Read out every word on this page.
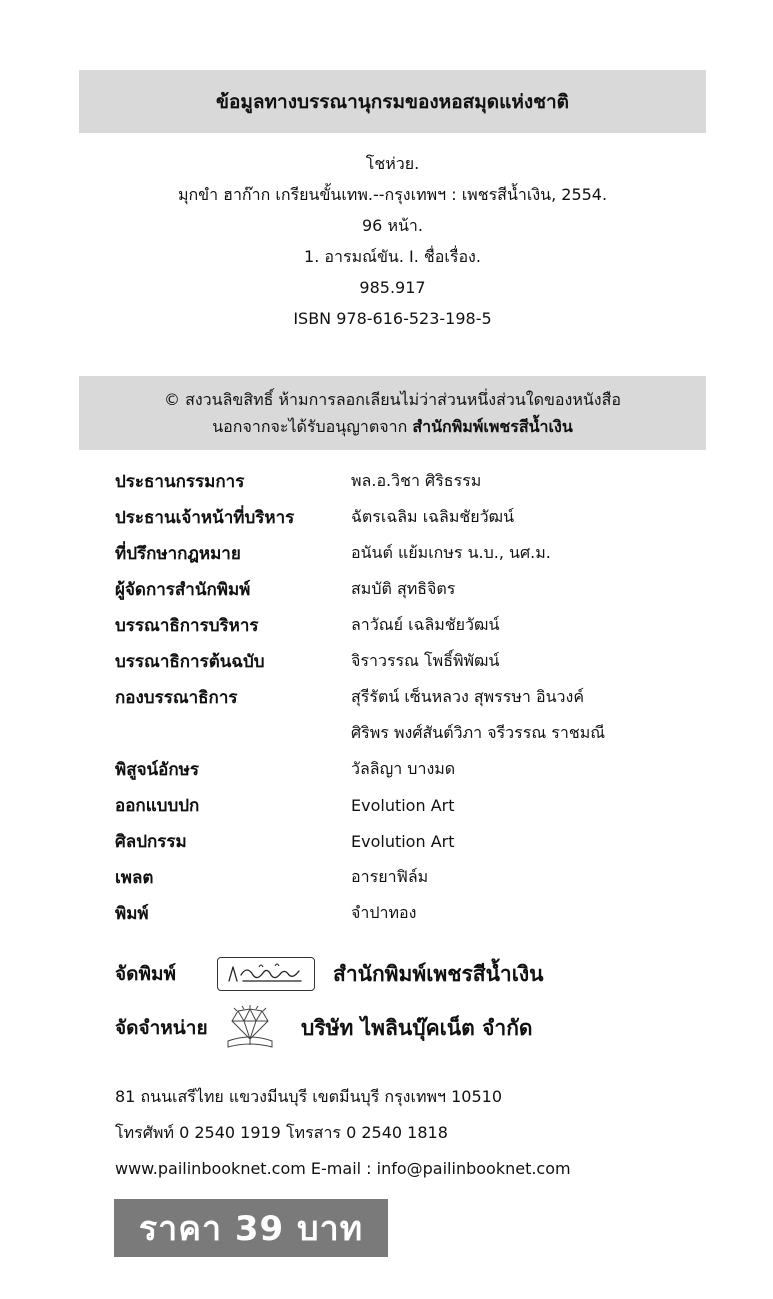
ข้อมูลทางบรรณานุกรมของหอสมุดแห่งชาติ
โชห่วย.
มุกขำ ฮาก๊าก เกรียนขั้นเทพ.--กรุงเทพฯ : เพชรสีน้ำเงิน, 2554.
96 หน้า.
1. อารมณ์ขัน. I. ชื่อเรื่อง.
985.917
ISBN 978-616-523-198-5
© สงวนลิขสิทธิ์ ห้ามการลอกเลียนไม่ว่าส่วนหนึ่งส่วนใดของหนังสือ
นอกจากจะได้รับอนุญาตจาก สำนักพิมพ์เพชรสีน้ำเงิน
ประธานกรรมการ	พล.อ.วิชา ศิริธรรม
ประธานเจ้าหน้าที่บริหาร	ฉัตรเฉลิม เฉลิมชัยวัฒน์
ที่ปรึกษากฎหมาย	อนันต์ แย้มเกษร น.บ., นศ.ม.
ผู้จัดการสำนักพิมพ์	สมบัติ สุทธิจิตร
บรรณาธิการบริหาร	ลาวัณย์ เฉลิมชัยวัฒน์
บรรณาธิการต้นฉบับ	จิราวรรณ โพธิ์พิพัฒน์
กองบรรณาธิการ	สุรีรัตน์ เซ็นหลวง สุพรรษา อินวงค์
ศิริพร พงศ์สันต์วิภา จรีวรรณ ราชมณี
พิสูจน์อักษร	วัลลิญา บางมด
ออกแบบปก	Evolution Art
ศิลปกรรม	Evolution Art
เพลต	อารยาฟิล์ม
พิมพ์	จำปาทอง
จัดพิมพ์	สำนักพิมพ์เพชรสีน้ำเงิน
จัดจำหน่าย	บริษัท ไพลินบุ๊คเน็ต จำกัด
81 ถนนเสรีไทย แขวงมีนบุรี เขตมีนบุรี กรุงเทพฯ 10510
โทรศัพท์ 0 2540 1919 โทรสาร 0 2540 1818
www.pailinbooknet.com E-mail : info@pailinbooknet.com
ราคา 39 บาท
